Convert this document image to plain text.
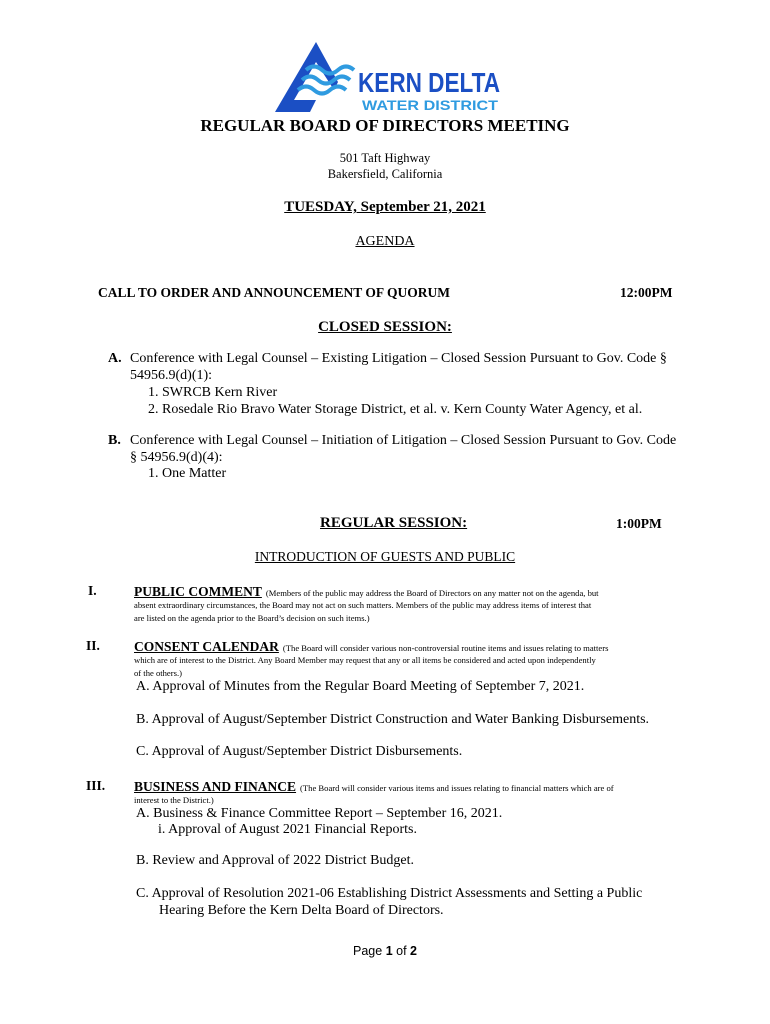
KERN DELTA
WATER DISTRICT
REGULAR BOARD OF DIRECTORS MEETING
501 Taft Highway
Bakersfield, California
TUESDAY, September 21, 2021
AGENDA
CALL TO ORDER AND ANNOUNCEMENT OF QUORUM	12:00PM
CLOSED SESSION:
A. Conference with Legal Counsel – Existing Litigation – Closed Session Pursuant to Gov. Code §
54956.9(d)(1):
1. SWRCB Kern River
2. Rosedale Rio Bravo Water Storage District, et al. v. Kern County Water Agency, et al.
B. Conference with Legal Counsel – Initiation of Litigation – Closed Session Pursuant to Gov. Code
§ 54956.9(d)(4):
1. One Matter
REGULAR SESSION:	1:00PM
INTRODUCTION OF GUESTS AND PUBLIC
I.	PUBLIC COMMENT (Members of the public may address the Board of Directors on any matter not on the agenda, but
absent extraordinary circumstances, the Board may not act on such matters. Members of the public may address items of interest that
are listed on the agenda prior to the Board’s decision on such items.)
II.	CONSENT CALENDAR (The Board will consider various non-controversial routine items and issues relating to matters
which are of interest to the District. Any Board Member may request that any or all items be considered and acted upon independently
of the others.)
A. Approval of Minutes from the Regular Board Meeting of September 7, 2021.
B. Approval of August/September District Construction and Water Banking Disbursements.
C. Approval of August/September District Disbursements.
III. BUSINESS AND FINANCE (The Board will consider various items and issues relating to financial matters which are of
interest to the District.)
A. Business & Finance Committee Report – September 16, 2021.
i. Approval of August 2021 Financial Reports.
B. Review and Approval of 2022 District Budget.
C. Approval of Resolution 2021-06 Establishing District Assessments and Setting a Public
Hearing Before the Kern Delta Board of Directors.
Page 1 of 2
